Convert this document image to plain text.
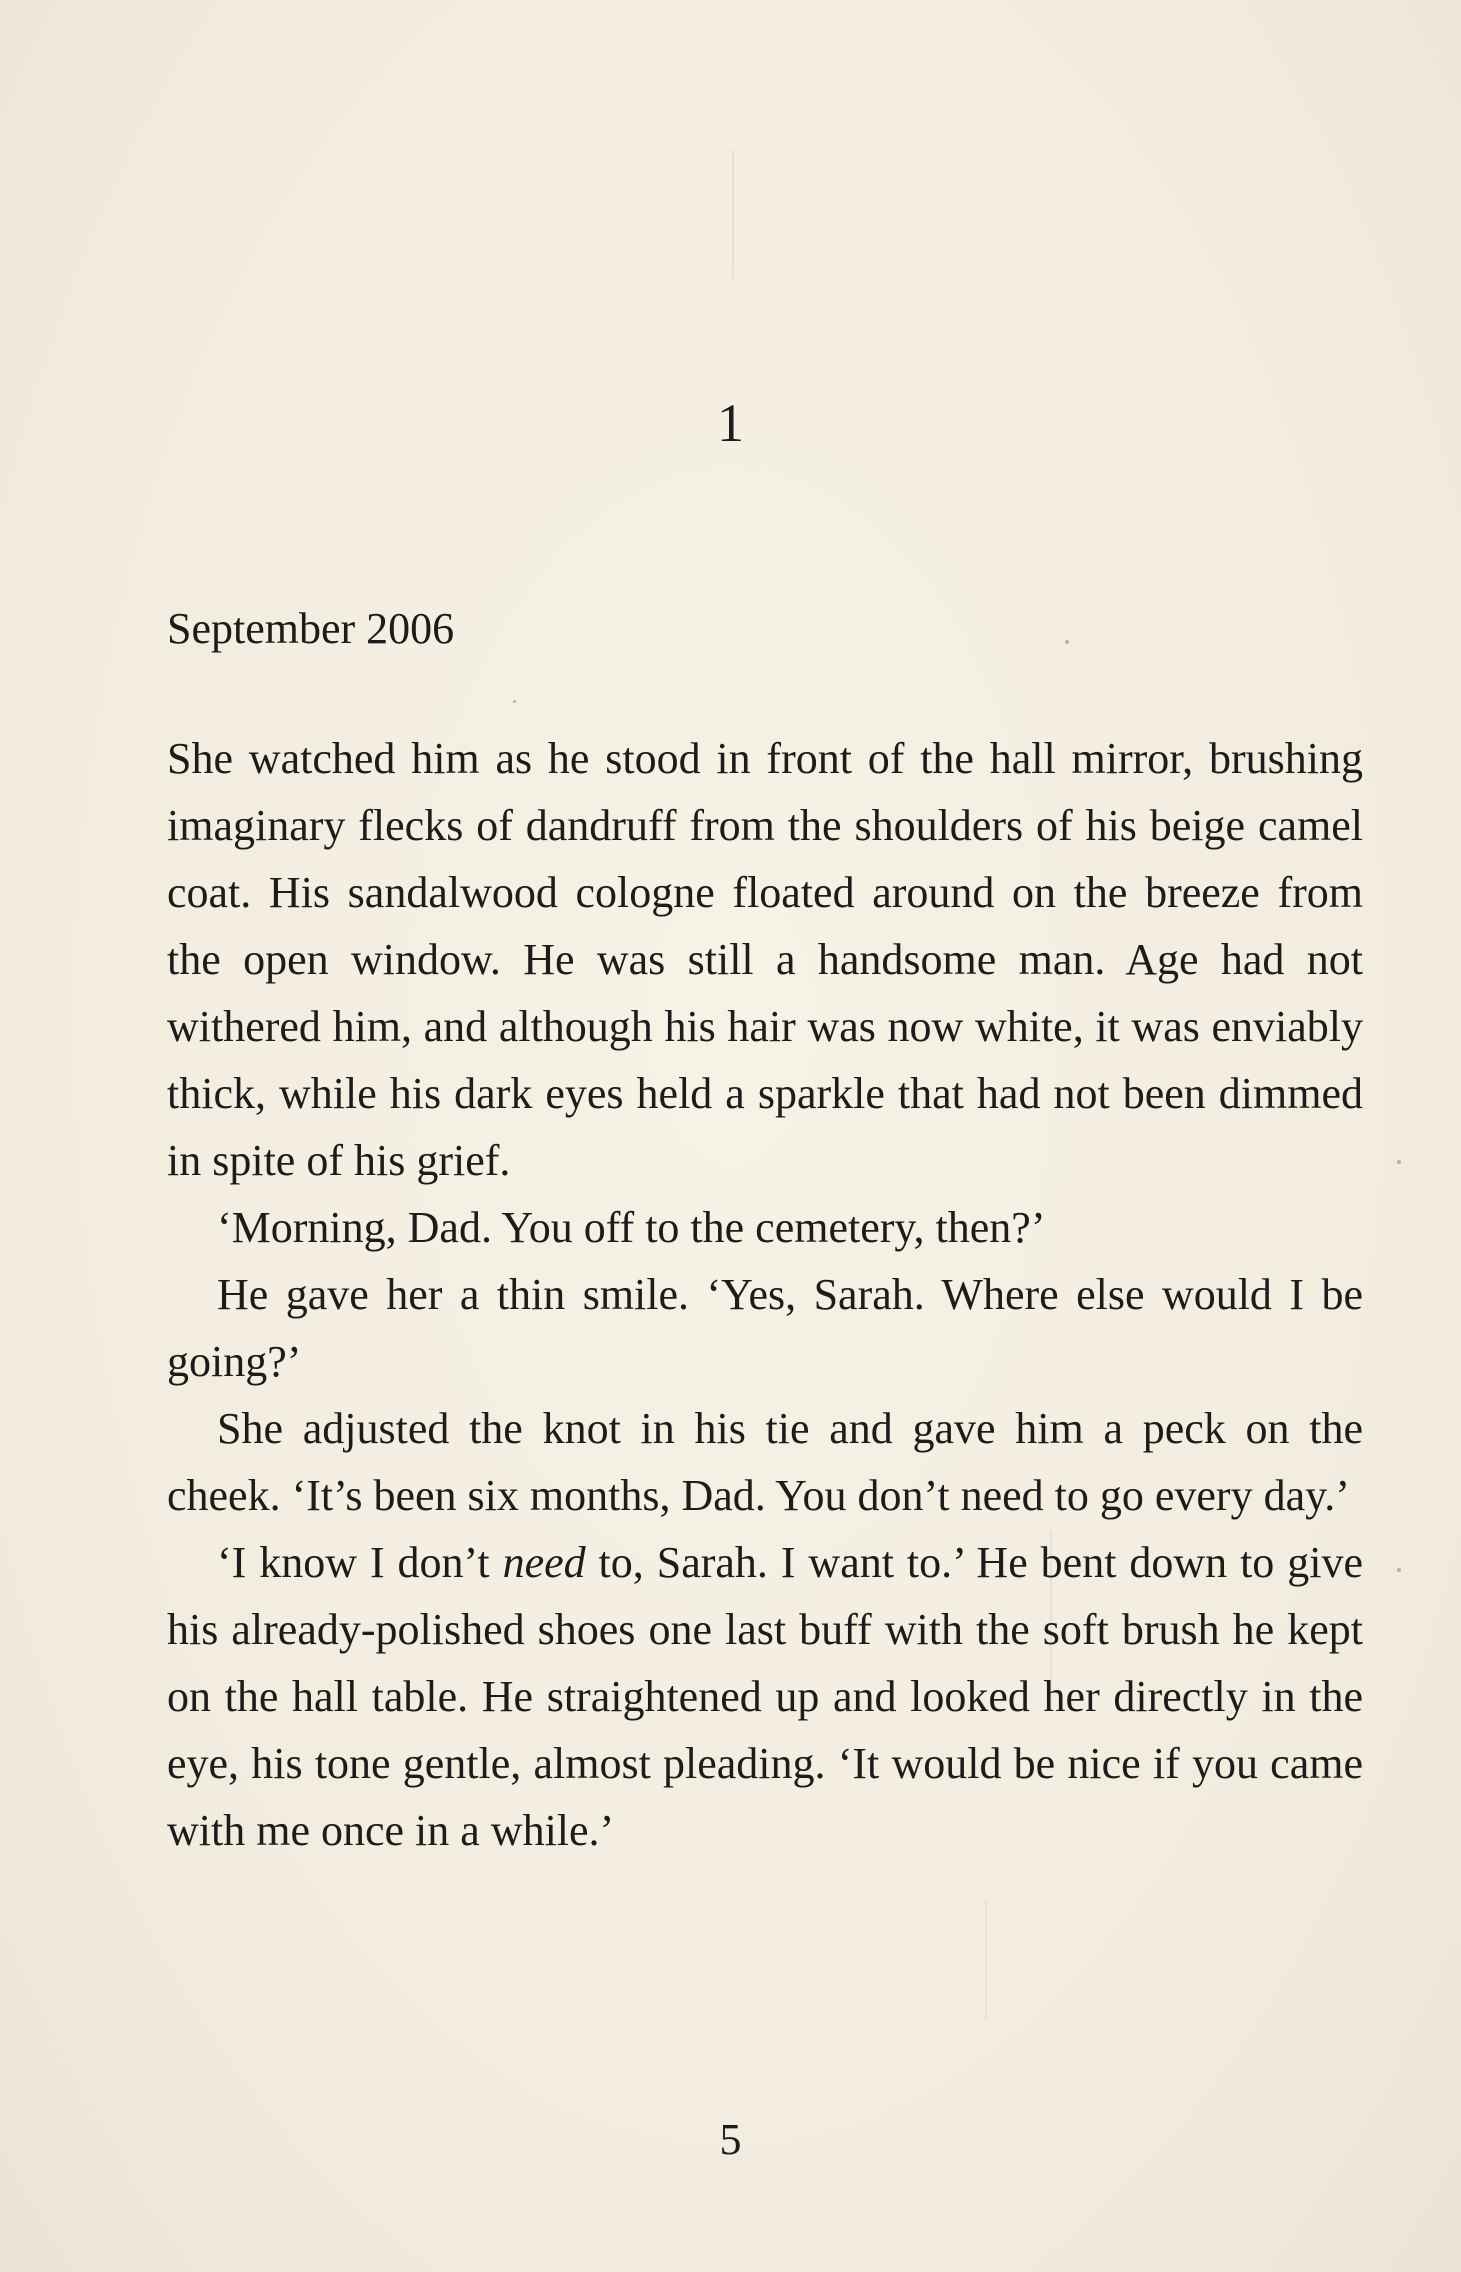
1
September 2006

She watched him as he stood in front of the hall mirror, brushing imaginary flecks of dandruff from the shoulders of his beige camel coat. His sandalwood cologne floated around on the breeze from the open window. He was still a handsome man. Age had not withered him, and although his hair was now white, it was enviably thick, while his dark eyes held a sparkle that had not been dimmed in spite of his grief.

‘Morning, Dad. You off to the cemetery, then?’

He gave her a thin smile. ‘Yes, Sarah. Where else would I be going?’

She adjusted the knot in his tie and gave him a peck on the cheek. ‘It’s been six months, Dad. You don’t need to go every day.’

‘I know I don’t need to, Sarah. I want to.’ He bent down to give his already-polished shoes one last buff with the soft brush he kept on the hall table. He straightened up and looked her directly in the eye, his tone gentle, almost pleading. ‘It would be nice if you came with me once in a while.’

5
